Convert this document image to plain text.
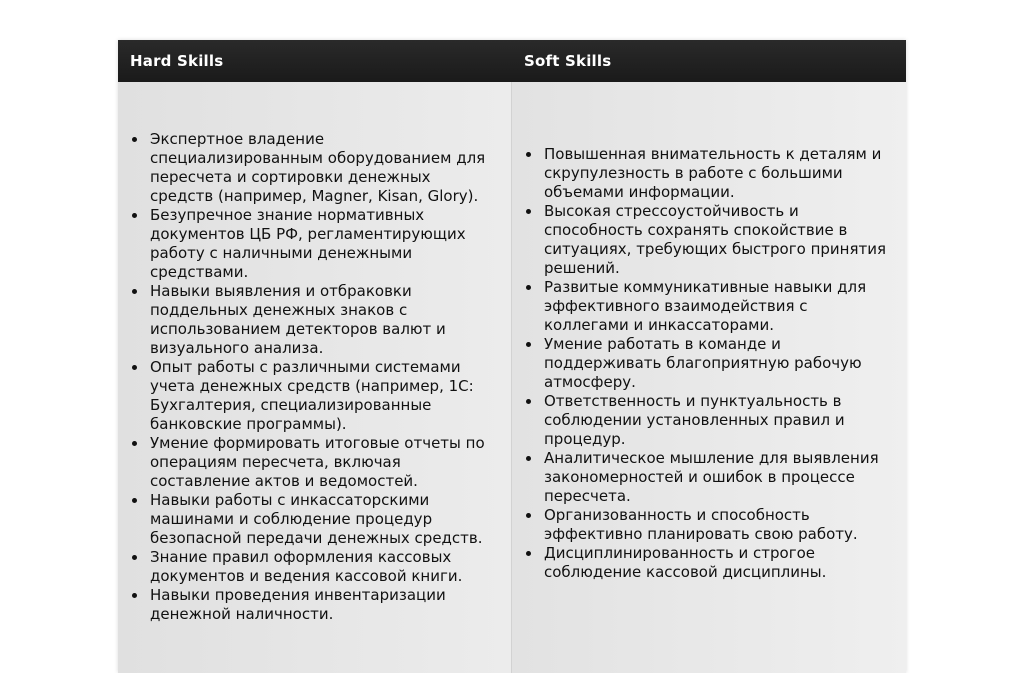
Hard Skills	Soft Skills
Экспертное владение специализированным оборудованием для пересчета и сортировки денежных средств (например, Magner, Kisan, Glory).
Безупречное знание нормативных документов ЦБ РФ, регламентирующих работу с наличными денежными средствами.
Навыки выявления и отбраковки поддельных денежных знаков с использованием детекторов валют и визуального анализа.
Опыт работы с различными системами учета денежных средств (например, 1С: Бухгалтерия, специализированные банковские программы).
Умение формировать итоговые отчеты по операциям пересчета, включая составление актов и ведомостей.
Навыки работы с инкассаторскими машинами и соблюдение процедур безопасной передачи денежных средств.
Знание правил оформления кассовых документов и ведения кассовой книги.
Навыки проведения инвентаризации денежной наличности.
Повышенная внимательность к деталям и скрупулезность в работе с большими объемами информации.
Высокая стрессоустойчивость и способность сохранять спокойствие в ситуациях, требующих быстрого принятия решений.
Развитые коммуникативные навыки для эффективного взаимодействия с коллегами и инкассаторами.
Умение работать в команде и поддерживать благоприятную рабочую атмосферу.
Ответственность и пунктуальность в соблюдении установленных правил и процедур.
Аналитическое мышление для выявления закономерностей и ошибок в процессе пересчета.
Организованность и способность эффективно планировать свою работу.
Дисциплинированность и строгое соблюдение кассовой дисциплины.
